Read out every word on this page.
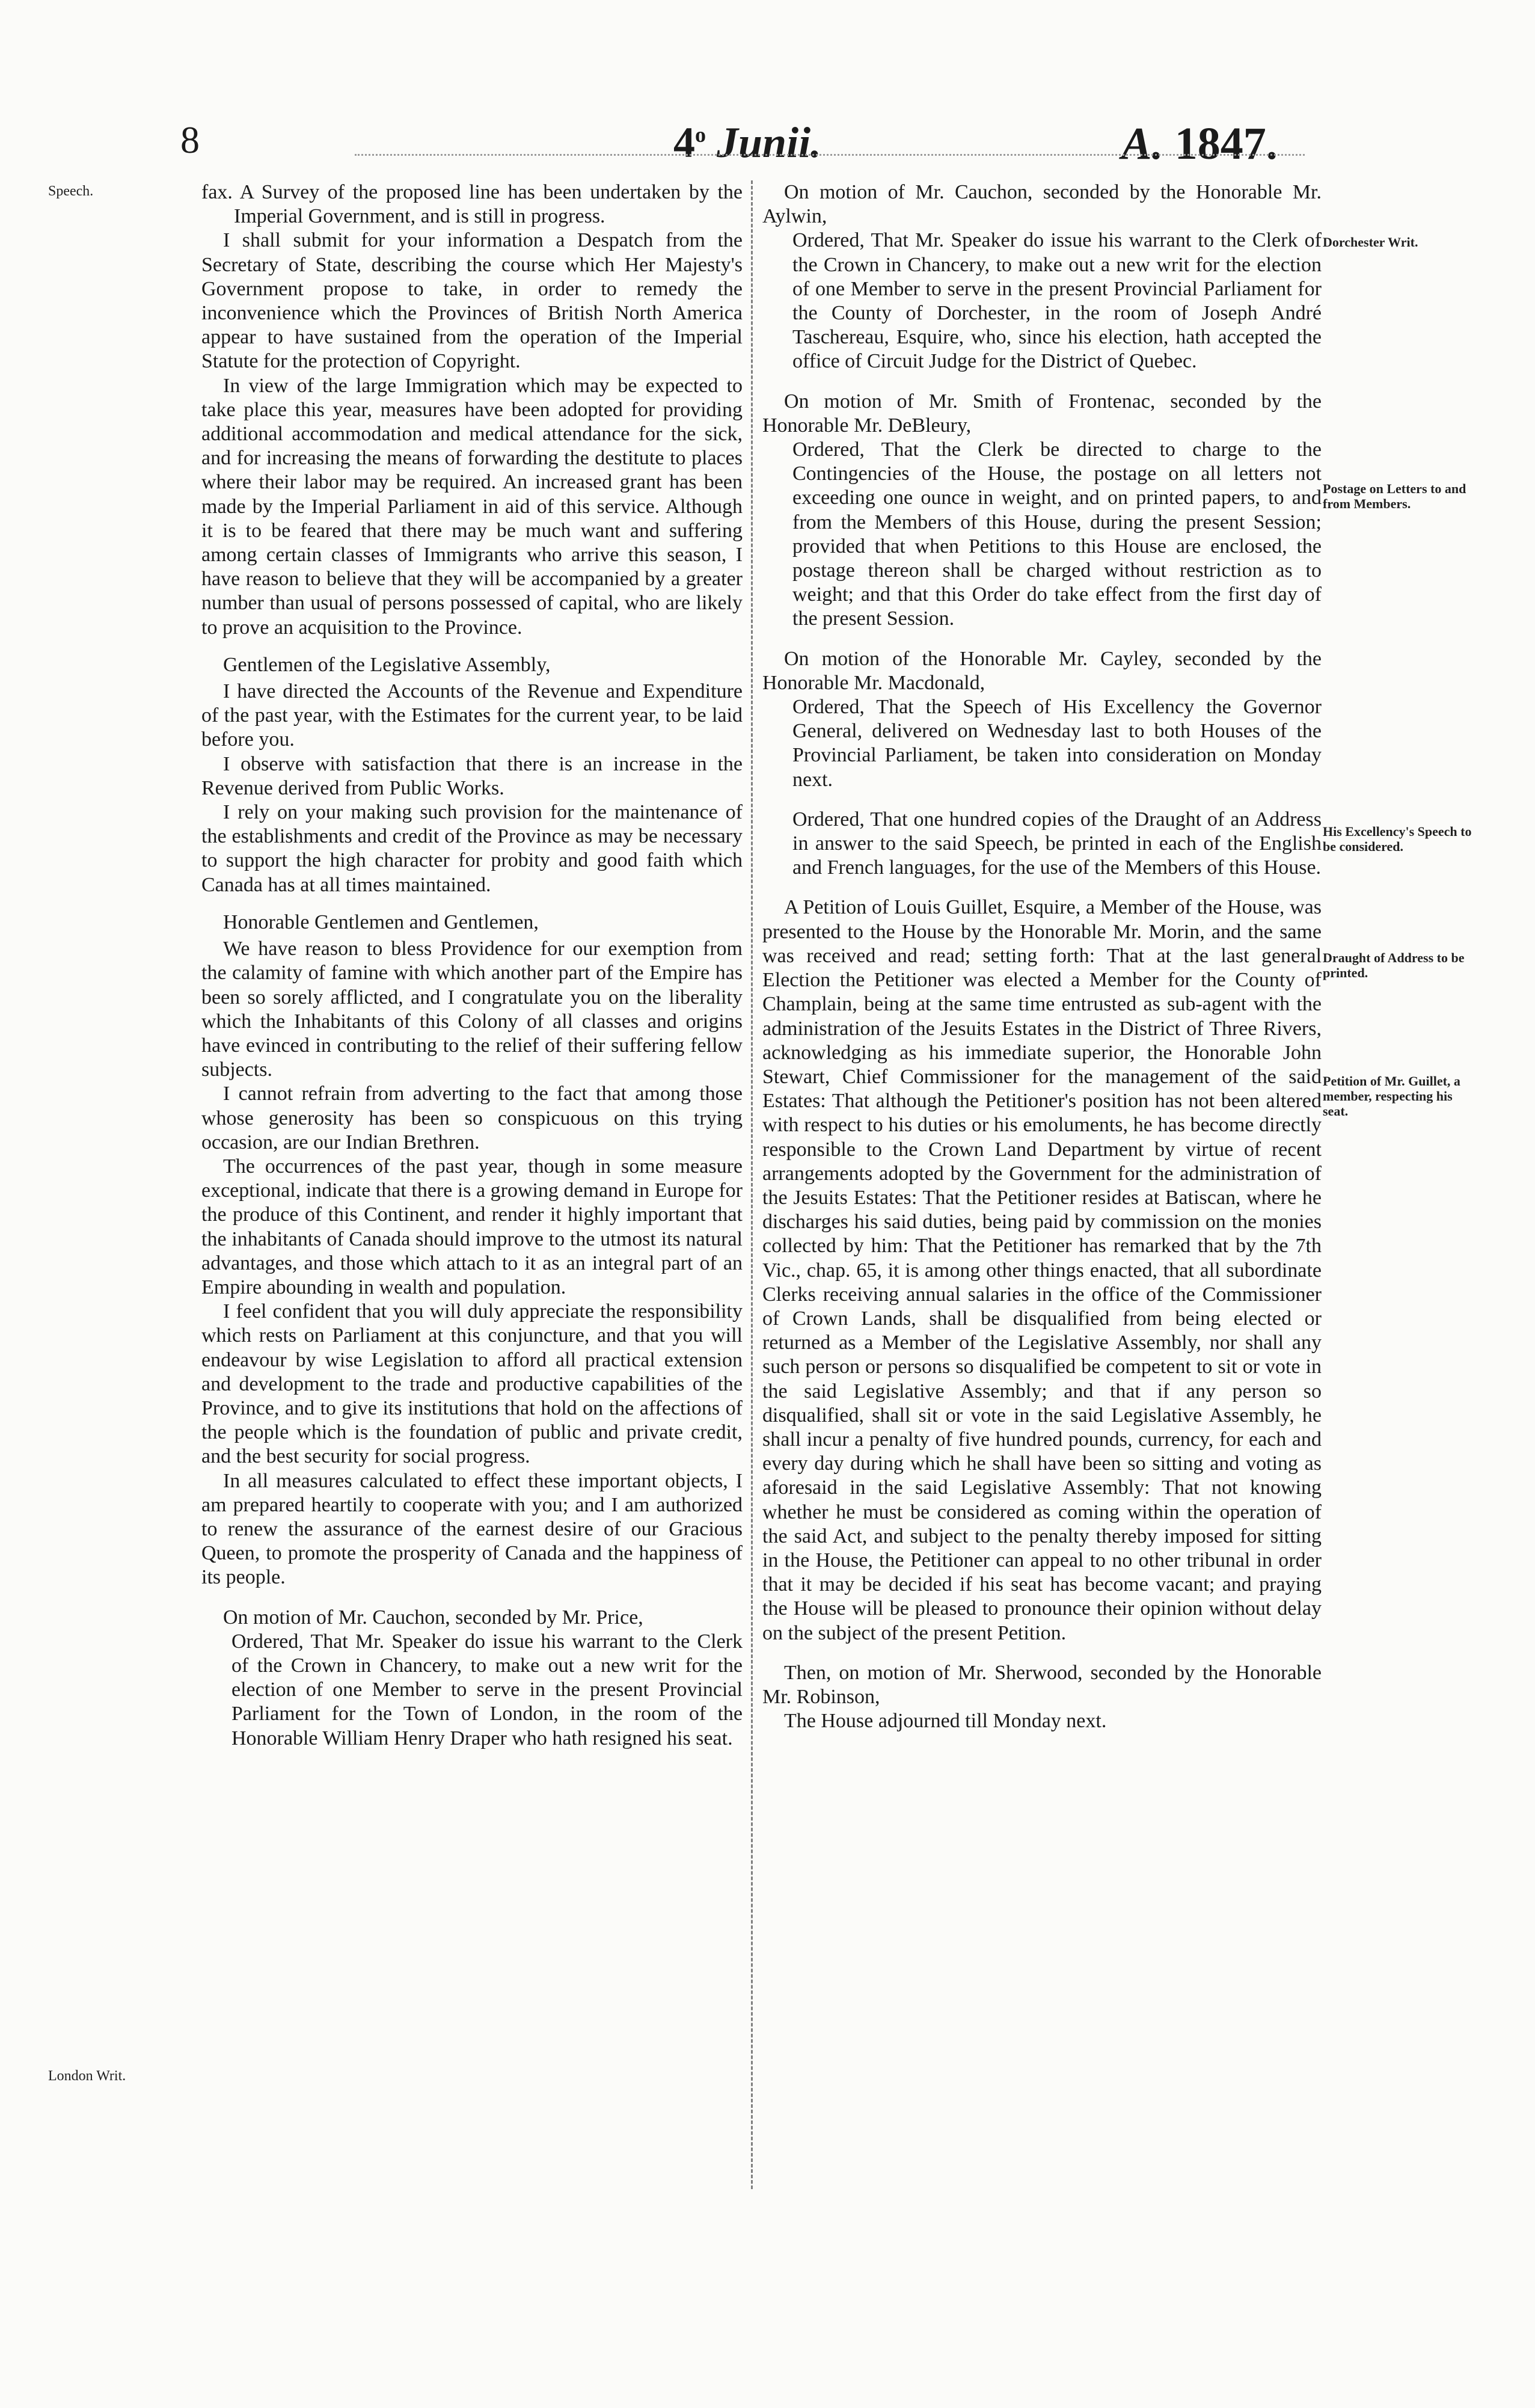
8	4$^o$ Junii.	A. 1847.
Speech.
London Writ.
Dorchester Writ.
Postage on Letters to and from Members.
His Excellency's Speech to be considered.
Draught of Address to be printed.
Petition of Mr. Guillet, a member, respecting his seat.

fax. A Survey of the proposed line has been undertaken by the Imperial Government, and is still in progress.

I shall submit for your information a Despatch from the Secretary of State, describing the course which Her Majesty's Government propose to take, in order to remedy the inconvenience which the Provinces of British North America appear to have sustained from the operation of the Imperial Statute for the protection of Copyright.

In view of the large Immigration which may be expected to take place this year, measures have been adopted for providing additional accommodation and medical attendance for the sick, and for increasing the means of forwarding the destitute to places where their labor may be required. An increased grant has been made by the Imperial Parliament in aid of this service. Although it is to be feared that there may be much want and suffering among certain classes of Immigrants who arrive this season, I have reason to believe that they will be accompanied by a greater number than usual of persons possessed of capital, who are likely to prove an acquisition to the Province.

Gentlemen of the Legislative Assembly,

I have directed the Accounts of the Revenue and Expenditure of the past year, with the Estimates for the current year, to be laid before you.

I observe with satisfaction that there is an increase in the Revenue derived from Public Works.

I rely on your making such provision for the maintenance of the establishments and credit of the Province as may be necessary to support the high character for probity and good faith which Canada has at all times maintained.

Honorable Gentlemen and Gentlemen,

We have reason to bless Providence for our exemption from the calamity of famine with which another part of the Empire has been so sorely afflicted, and I congratulate you on the liberality which the Inhabitants of this Colony of all classes and origins have evinced in contributing to the relief of their suffering fellow subjects.

I cannot refrain from adverting to the fact that among those whose generosity has been so conspicuous on this trying occasion, are our Indian Brethren.

The occurrences of the past year, though in some measure exceptional, indicate that there is a growing demand in Europe for the produce of this Continent, and render it highly important that the inhabitants of Canada should improve to the utmost its natural advantages, and those which attach to it as an integral part of an Empire abounding in wealth and population.

I feel confident that you will duly appreciate the responsibility which rests on Parliament at this conjuncture, and that you will endeavour by wise Legislation to afford all practical extension and development to the trade and productive capabilities of the Province, and to give its institutions that hold on the affections of the people which is the foundation of public and private credit, and the best security for social progress.

In all measures calculated to effect these important objects, I am prepared heartily to cooperate with you; and I am authorized to renew the assurance of the earnest desire of our Gracious Queen, to promote the prosperity of Canada and the happiness of its people.

On motion of Mr. Cauchon, seconded by Mr. Price,

Ordered, That Mr. Speaker do issue his warrant to the Clerk of the Crown in Chancery, to make out a new writ for the election of one Member to serve in the present Provincial Parliament for the Town of London, in the room of the Honorable William Henry Draper who hath resigned his seat.

On motion of Mr. Cauchon, seconded by the Honorable Mr. Aylwin,

Ordered, That Mr. Speaker do issue his warrant to the Clerk of the Crown in Chancery, to make out a new writ for the election of one Member to serve in the present Provincial Parliament for the County of Dorchester, in the room of Joseph André Taschereau, Esquire, who, since his election, hath accepted the office of Circuit Judge for the District of Quebec.

On motion of Mr. Smith of Frontenac, seconded by the Honorable Mr. DeBleury,

Ordered, That the Clerk be directed to charge to the Contingencies of the House, the postage on all letters not exceeding one ounce in weight, and on printed papers, to and from the Members of this House, during the present Session; provided that when Petitions to this House are enclosed, the postage thereon shall be charged without restriction as to weight; and that this Order do take effect from the first day of the present Session.

On motion of the Honorable Mr. Cayley, seconded by the Honorable Mr. Macdonald,

Ordered, That the Speech of His Excellency the Governor General, delivered on Wednesday last to both Houses of the Provincial Parliament, be taken into consideration on Monday next.

Ordered, That one hundred copies of the Draught of an Address in answer to the said Speech, be printed in each of the English and French languages, for the use of the Members of this House.

A Petition of Louis Guillet, Esquire, a Member of the House, was presented to the House by the Honorable Mr. Morin, and the same was received and read; setting forth: That at the last general Election the Petitioner was elected a Member for the County of Champlain, being at the same time entrusted as sub-agent with the administration of the Jesuits Estates in the District of Three Rivers, acknowledging as his immediate superior, the Honorable John Stewart, Chief Commissioner for the management of the said Estates: That although the Petitioner's position has not been altered with respect to his duties or his emoluments, he has become directly responsible to the Crown Land Department by virtue of recent arrangements adopted by the Government for the administration of the Jesuits Estates: That the Petitioner resides at Batiscan, where he discharges his said duties, being paid by commission on the monies collected by him: That the Petitioner has remarked that by the 7th Vic., chap. 65, it is among other things enacted, that all subordinate Clerks receiving annual salaries in the office of the Commissioner of Crown Lands, shall be disqualified from being elected or returned as a Member of the Legislative Assembly, nor shall any such person or persons so disqualified be competent to sit or vote in the said Legislative Assembly; and that if any person so disqualified, shall sit or vote in the said Legislative Assembly, he shall incur a penalty of five hundred pounds, currency, for each and every day during which he shall have been so sitting and voting as aforesaid in the said Legislative Assembly: That not knowing whether he must be considered as coming within the operation of the said Act, and subject to the penalty thereby imposed for sitting in the House, the Petitioner can appeal to no other tribunal in order that it may be decided if his seat has become vacant; and praying the House will be pleased to pronounce their opinion without delay on the subject of the present Petition.

Then, on motion of Mr. Sherwood, seconded by the Honorable Mr. Robinson,

The House adjourned till Monday next.
